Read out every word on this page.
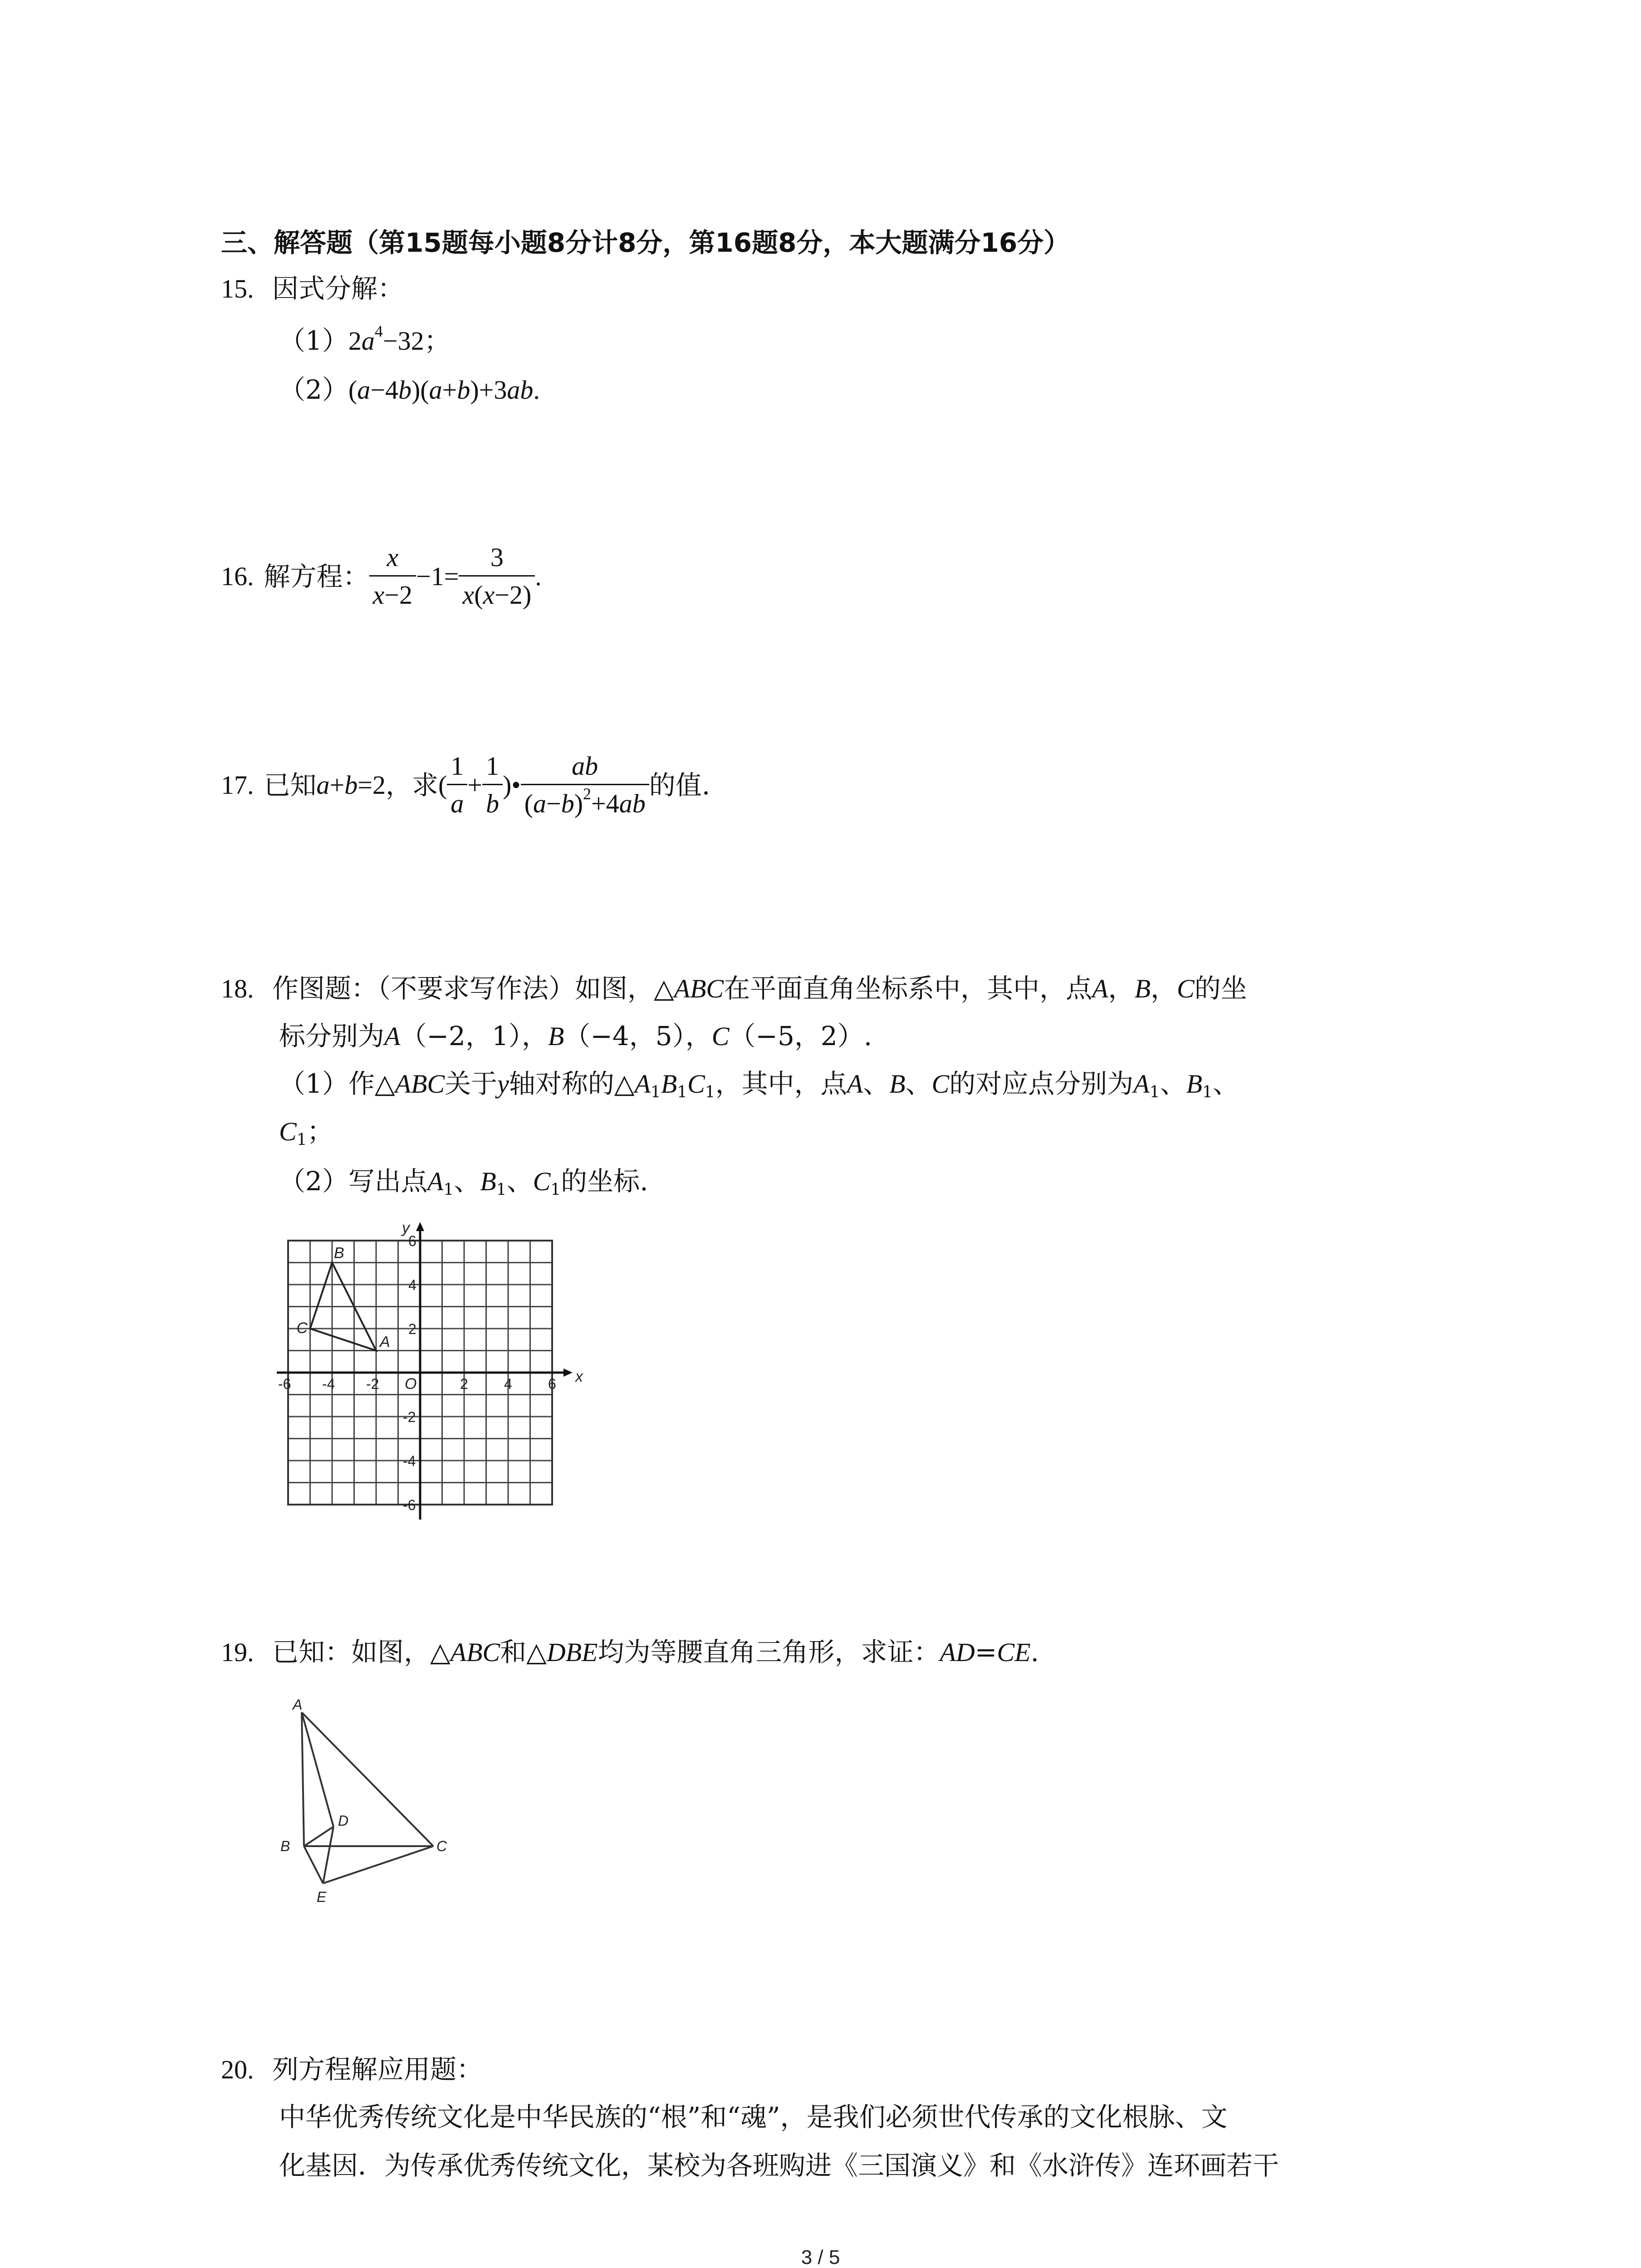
三、解答题（第15题每小题8分计8分，第16题8分，本大题满分16分）
15. 因式分解：
$(1)2a^4-32$；
（2）(a−4b)(a+b)+3ab.
16. 解方程： $\frac{x}{x-2} -1= \frac{3}{x(x-2)}$ .
17. 已知 a+b=2 ，求 ( $\frac{1}{a} + \frac{1}{b}$ )• $\frac{ab}{(a-b)^2+4ab}$ 的值.
18. 作图题：（不要求写作法）如图，△ABC在平面直角坐标系中，其中，点A，B，C的坐
标分别为A（−2，1），B（−4，5），C（−5，2）.
（1）作△ABC关于y轴对称的$\triangle A_1B_1C_1$，其中，点A、B、C的对应点分别为$A_1$、$B_1$、
$C_1$；
（2）写出点$A_1$、$B_1$、$C_1$的坐标.
-6 -4 -2	2 4 6
6
4
2
-2
-4
-6
x
y
O
A
B
C
19. 已知：如图，△ABC和△DBE均为等腰直角三角形，求证：AD=CE.
A
B	C
D
E
20. 列方程解应用题：
中华优秀传统文化是中华民族的“根”和“魂”，是我们必须世代传承的文化根脉、文
化基因．为传承优秀传统文化，某校为各班购进《三国演义》和《水浒传》连环画若干
3 / 5
